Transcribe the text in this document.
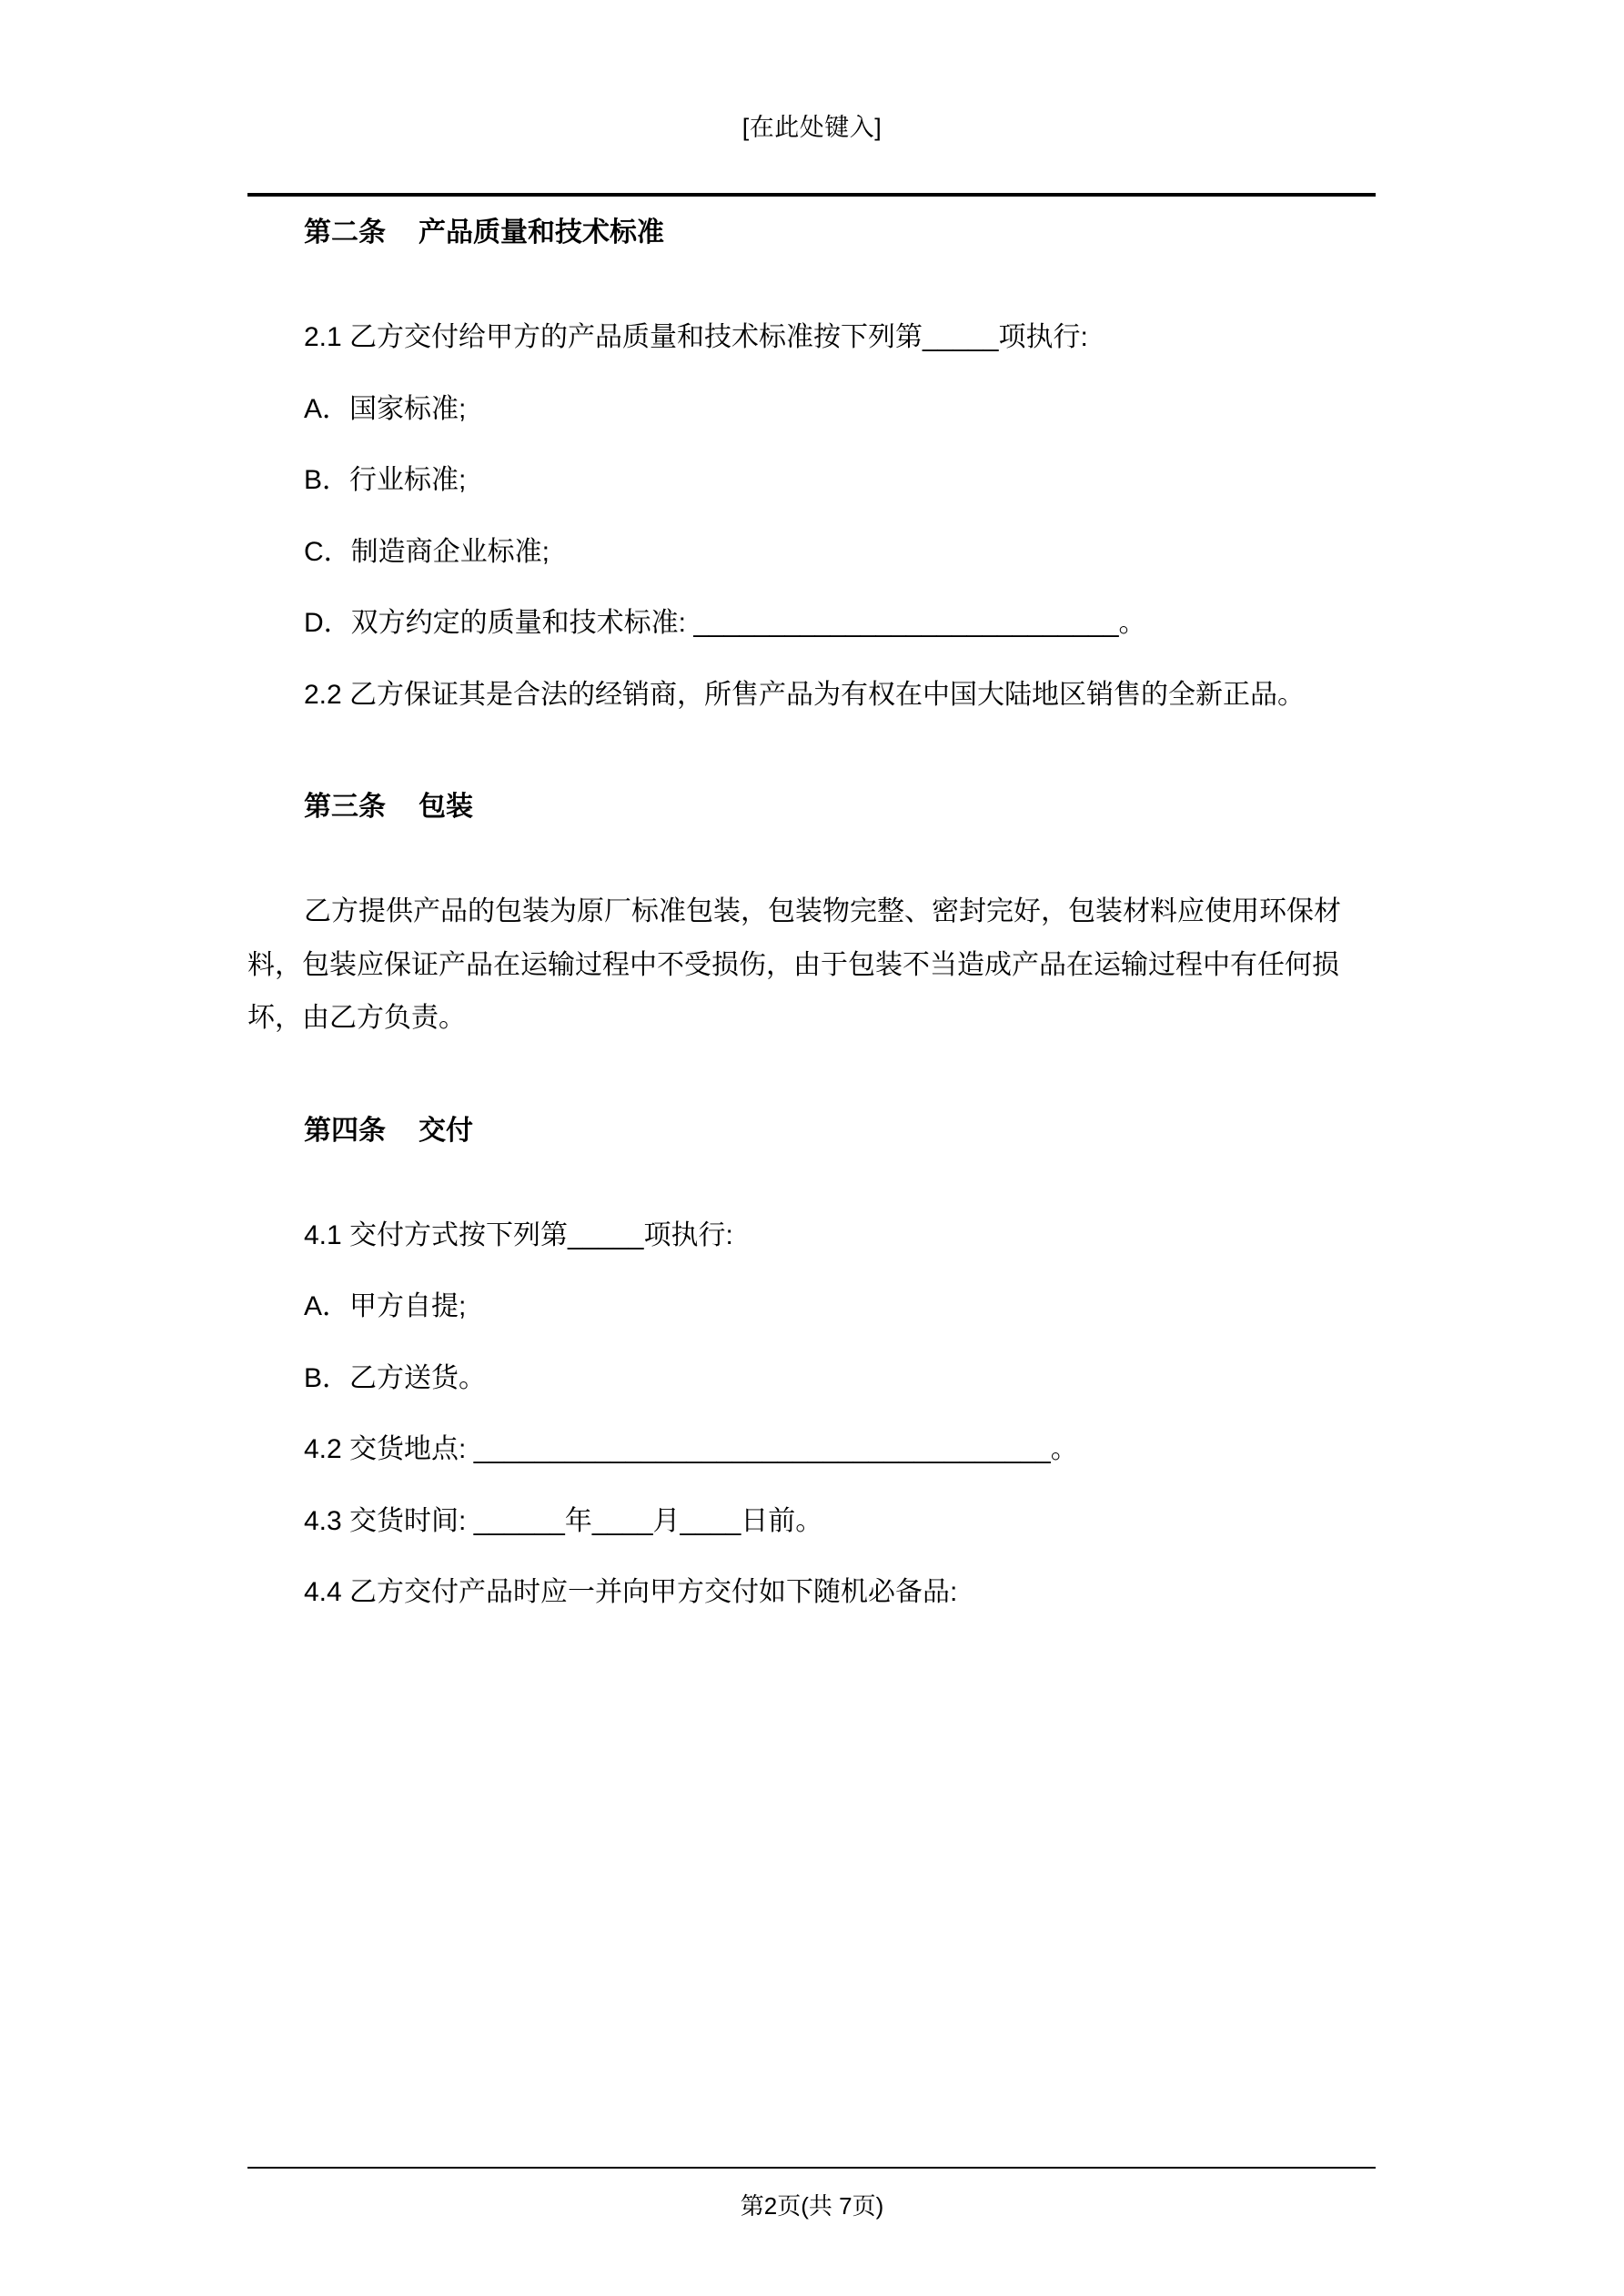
[在此处键入]
第二条 产品质量和技术标准

2.1 乙方交付给甲方的产品质量和技术标准按下列第_____项执行:

A．国家标准;

B．行业标准;

C．制造商企业标准;

D．双方约定的质量和技术标准: ____________________________。

2.2 乙方保证其是合法的经销商，所售产品为有权在中国大陆地区销售的全新正品。

第三条 包装

乙方提供产品的包装为原厂标准包装，包装物完整、密封完好，包装材料应使用环保材料，包装应保证产品在运输过程中不受损伤，由于包装不当造成产品在运输过程中有任何损坏，由乙方负责。

第四条 交付

4.1 交付方式按下列第_____项执行:

A．甲方自提;

B．乙方送货。

4.2 交货地点: ______________________________________。

4.3 交货时间: ______年____月____日前。

4.4 乙方交付产品时应一并向甲方交付如下随机必备品:

第2页(共 7页)
